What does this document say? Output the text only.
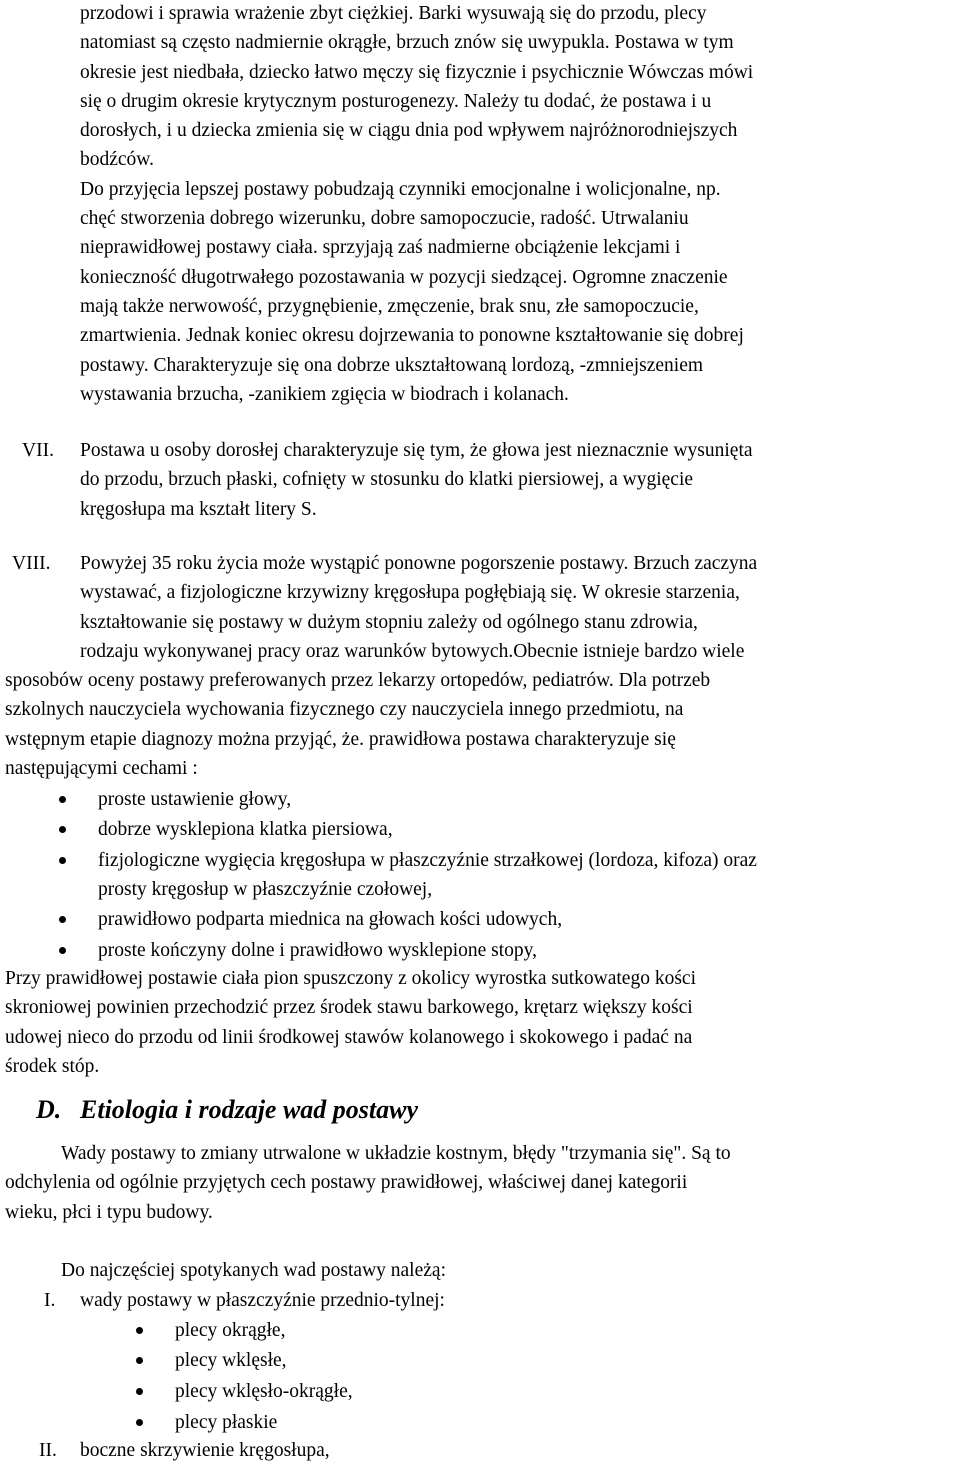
przodowi i sprawia wrażenie zbyt ciężkiej. Barki wysuwają się do przodu, plecy
natomiast są często nadmiernie okrągłe, brzuch znów się uwypukla. Postawa w tym
okresie jest niedbała, dziecko łatwo męczy się fizycznie i psychicznie Wówczas mówi
się o drugim okresie krytycznym posturogenezy. Należy tu dodać, że postawa i u
dorosłych, i u dziecka zmienia się w ciągu dnia pod wpływem najróżnorodniejszych
bodźców.
Do przyjęcia lepszej postawy pobudzają czynniki emocjonalne i wolicjonalne, np.
chęć stworzenia dobrego wizerunku, dobre samopoczucie, radość. Utrwalaniu
nieprawidłowej postawy ciała. sprzyjają zaś nadmierne obciążenie lekcjami i
konieczność długotrwałego pozostawania w pozycji siedzącej. Ogromne znaczenie
mają także nerwowość, przygnębienie, zmęczenie, brak snu, złe samopoczucie,
zmartwienia. Jednak koniec okresu dojrzewania to ponowne kształtowanie się dobrej
postawy. Charakteryzuje się ona dobrze ukształtowaną lordozą, -zmniejszeniem
wystawania brzucha, -zanikiem zgięcia w biodrach i kolanach.
VII. Postawa u osoby dorosłej charakteryzuje się tym, że głowa jest nieznacznie wysunięta
do przodu, brzuch płaski, cofnięty w stosunku do klatki piersiowej, a wygięcie
kręgosłupa ma kształt litery S.
VIII. Powyżej 35 roku życia może wystąpić ponowne pogorszenie postawy. Brzuch zaczyna
wystawać, a fizjologiczne krzywizny kręgosłupa pogłębiają się. W okresie starzenia,
kształtowanie się postawy w dużym stopniu zależy od ogólnego stanu zdrowia,
rodzaju wykonywanej pracy oraz warunków bytowych.Obecnie istnieje bardzo wiele
sposobów oceny postawy preferowanych przez lekarzy ortopedów, pediatrów. Dla potrzeb
szkolnych nauczyciela wychowania fizycznego czy nauczyciela innego przedmiotu, na
wstępnym etapie diagnozy można przyjąć, że. prawidłowa postawa charakteryzuje się
następującymi cechami :
proste ustawienie głowy,
dobrze wysklepiona klatka piersiowa,
fizjologiczne wygięcia kręgosłupa w płaszczyźnie strzałkowej (lordoza, kifoza) oraz
prosty kręgosłup w płaszczyźnie czołowej,
prawidłowo podparta miednica na głowach kości udowych,
proste kończyny dolne i prawidłowo wysklepione stopy,
Przy prawidłowej postawie ciała pion spuszczony z okolicy wyrostka sutkowatego kości
skroniowej powinien przechodzić przez środek stawu barkowego, krętarz większy kości
udowej nieco do przodu od linii środkowej stawów kolanowego i skokowego i padać na
środek stóp.
D. Etiologia i rodzaje wad postawy
Wady postawy to zmiany utrwalone w układzie kostnym, błędy "trzymania się". Są to
odchylenia od ogólnie przyjętych cech postawy prawidłowej, właściwej danej kategorii
wieku, płci i typu budowy.
Do najczęściej spotykanych wad postawy należą:
I. wady postawy w płaszczyźnie przednio-tylnej:
plecy okrągłe,
plecy wklęsłe,
plecy wklęsło-okrągłe,
plecy płaskie
II. boczne skrzywienie kręgosłupa,
